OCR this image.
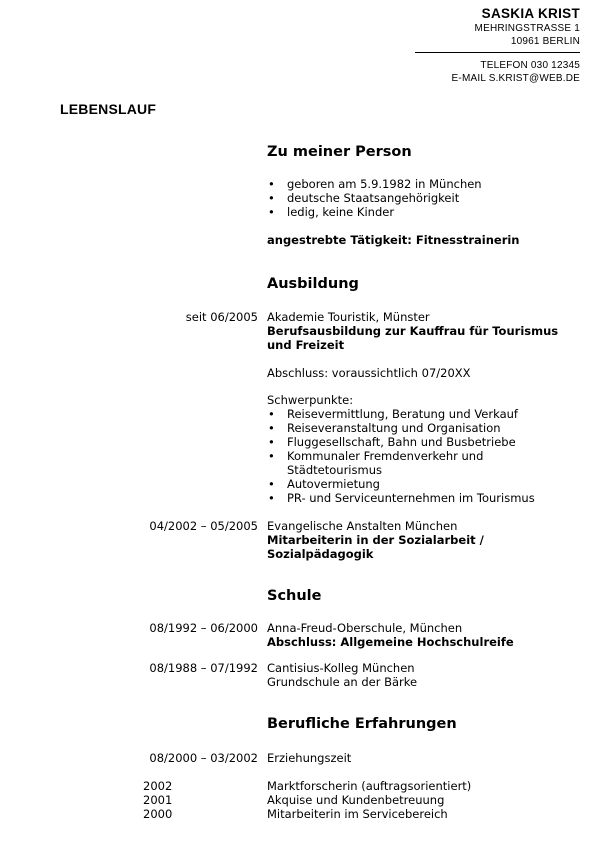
SASKIA KRIST
MEHRINGSTRASSE 1
10961 BERLIN
TELEFON 030 12345
E-MAIL S.KRIST@WEB.DE
LEBENSLAUF
Zu meiner Person
• geboren am 5.9.1982 in München
• deutsche Staatsangehörigkeit
• ledig, keine Kinder
angestrebte Tätigkeit: Fitnesstrainerin
Ausbildung
seit 06/2005 Akademie Touristik, Münster
Berufsausbildung zur Kauffrau für Tourismus
und Freizeit
Abschluss: voraussichtlich 07/20XX
Schwerpunkte:
• Reisevermittlung, Beratung und Verkauf
• Reiseveranstaltung und Organisation
• Fluggesellschaft, Bahn und Busbetriebe
• Kommunaler Fremdenverkehr und
Städtetourismus
• Autovermietung
• PR- und Serviceunternehmen im Tourismus
04/2002 – 05/2005 Evangelische Anstalten München
Mitarbeiterin in der Sozialarbeit /
Sozialpädagogik
Schule
08/1992 – 06/2000 Anna-Freud-Oberschule, München
Abschluss: Allgemeine Hochschulreife
08/1988 – 07/1992 Cantisius-Kolleg München
Grundschule an der Bärke
Berufliche Erfahrungen
08/2000 – 03/2002 Erziehungszeit
2002	Marktforscherin (auftragsorientiert)
2001	Akquise und Kundenbetreuung
2000	Mitarbeiterin im Servicebereich
